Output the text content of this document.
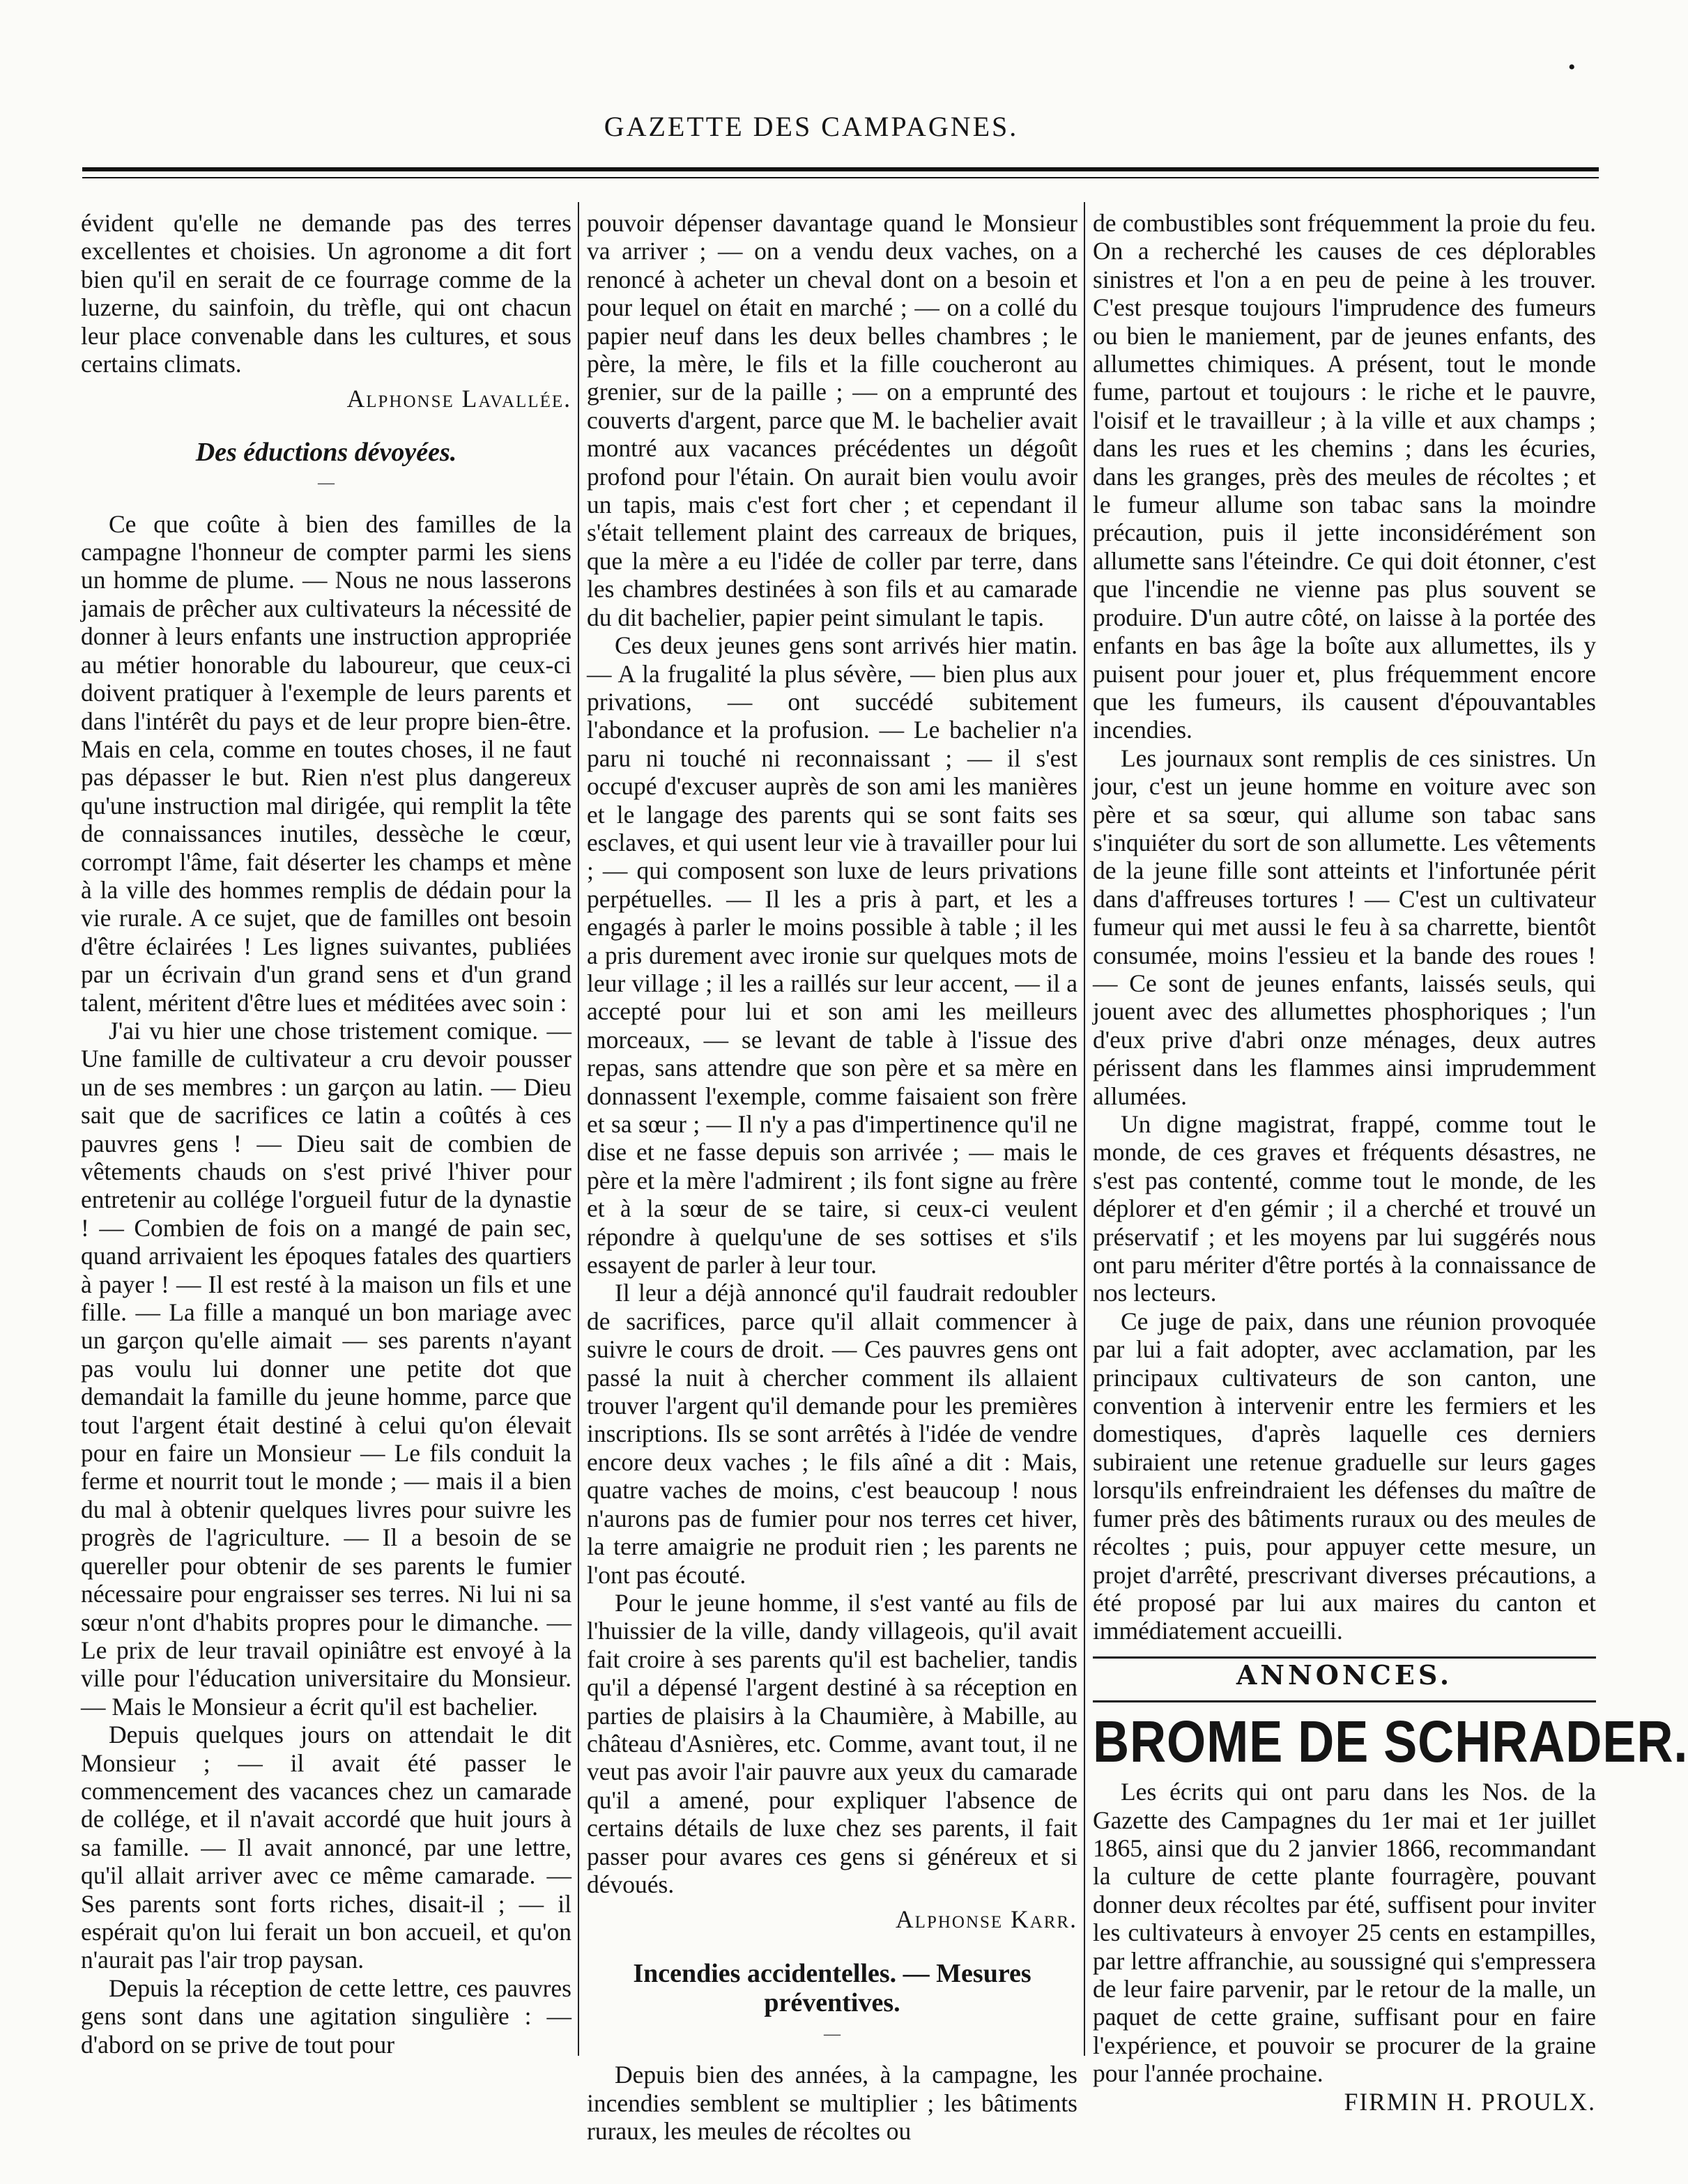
•
GAZETTE DES CAMPAGNES.

évident qu'elle ne demande pas des terres excellentes et choisies. Un agronome a dit fort bien qu'il en serait de ce fourrage comme de la luzerne, du sainfoin, du trèfle, qui ont chacun leur place convenable dans les cultures, et sous certains climats.

Alphonse Lavallée.
Des éductions dévoyées.
—

Ce que coûte à bien des familles de la campagne l'honneur de compter parmi les siens un homme de plume. — Nous ne nous lasserons jamais de prêcher aux cultivateurs la nécessité de donner à leurs enfants une instruction appropriée au métier honorable du laboureur, que ceux-ci doivent pratiquer à l'exemple de leurs parents et dans l'intérêt du pays et de leur propre bien-être. Mais en cela, comme en toutes choses, il ne faut pas dépasser le but. Rien n'est plus dangereux qu'une instruction mal dirigée, qui remplit la tête de connaissances inutiles, dessèche le cœur, corrompt l'âme, fait déserter les champs et mène à la ville des hommes remplis de dédain pour la vie rurale. A ce sujet, que de familles ont besoin d'être éclairées ! Les lignes suivantes, publiées par un écrivain d'un grand sens et d'un grand talent, méritent d'être lues et méditées avec soin :

J'ai vu hier une chose tristement comique. — Une famille de cultivateur a cru devoir pousser un de ses membres : un garçon au latin. — Dieu sait que de sacrifices ce latin a coûtés à ces pauvres gens ! — Dieu sait de combien de vêtements chauds on s'est privé l'hiver pour entretenir au collége l'orgueil futur de la dynastie ! — Combien de fois on a mangé de pain sec, quand arrivaient les époques fatales des quartiers à payer ! — Il est resté à la maison un fils et une fille. — La fille a manqué un bon mariage avec un garçon qu'elle aimait — ses parents n'ayant pas voulu lui donner une petite dot que demandait la famille du jeune homme, parce que tout l'argent était destiné à celui qu'on élevait pour en faire un Monsieur — Le fils conduit la ferme et nourrit tout le monde ; — mais il a bien du mal à obtenir quelques livres pour suivre les progrès de l'agriculture. — Il a besoin de se quereller pour obtenir de ses parents le fumier nécessaire pour engraisser ses terres. Ni lui ni sa sœur n'ont d'habits propres pour le dimanche. — Le prix de leur travail opiniâtre est envoyé à la ville pour l'éducation universitaire du Monsieur. — Mais le Monsieur a écrit qu'il est bachelier.

Depuis quelques jours on attendait le dit Monsieur ; — il avait été passer le commencement des vacances chez un camarade de collége, et il n'avait accordé que huit jours à sa famille. — Il avait annoncé, par une lettre, qu'il allait arriver avec ce même camarade. — Ses parents sont forts riches, disait-il ; — il espérait qu'on lui ferait un bon accueil, et qu'on n'aurait pas l'air trop paysan.

Depuis la réception de cette lettre, ces pauvres gens sont dans une agitation singulière : — d'abord on se prive de tout pour

pouvoir dépenser davantage quand le Monsieur va arriver ; — on a vendu deux vaches, on a renoncé à acheter un cheval dont on a besoin et pour lequel on était en marché ; — on a collé du papier neuf dans les deux belles chambres ; le père, la mère, le fils et la fille coucheront au grenier, sur de la paille ; — on a emprunté des couverts d'argent, parce que M. le bachelier avait montré aux vacances précédentes un dégoût profond pour l'étain. On aurait bien voulu avoir un tapis, mais c'est fort cher ; et cependant il s'était tellement plaint des carreaux de briques, que la mère a eu l'idée de coller par terre, dans les chambres destinées à son fils et au camarade du dit bachelier, papier peint simulant le tapis.

Ces deux jeunes gens sont arrivés hier matin. — A la frugalité la plus sévère, — bien plus aux privations, — ont succédé subitement l'abondance et la profusion. — Le bachelier n'a paru ni touché ni reconnaissant ; — il s'est occupé d'excuser auprès de son ami les manières et le langage des parents qui se sont faits ses esclaves, et qui usent leur vie à travailler pour lui ; — qui composent son luxe de leurs privations perpétuelles. — Il les a pris à part, et les a engagés à parler le moins possible à table ; il les a pris durement avec ironie sur quelques mots de leur village ; il les a raillés sur leur accent, — il a accepté pour lui et son ami les meilleurs morceaux, — se levant de table à l'issue des repas, sans attendre que son père et sa mère en donnassent l'exemple, comme faisaient son frère et sa sœur ; — Il n'y a pas d'impertinence qu'il ne dise et ne fasse depuis son arrivée ; — mais le père et la mère l'admirent ; ils font signe au frère et à la sœur de se taire, si ceux-ci veulent répondre à quelqu'une de ses sottises et s'ils essayent de parler à leur tour.

Il leur a déjà annoncé qu'il faudrait redoubler de sacrifices, parce qu'il allait commencer à suivre le cours de droit. — Ces pauvres gens ont passé la nuit à chercher comment ils allaient trouver l'argent qu'il demande pour les premières inscriptions. Ils se sont arrêtés à l'idée de vendre encore deux vaches ; le fils aîné a dit : Mais, quatre vaches de moins, c'est beaucoup ! nous n'aurons pas de fumier pour nos terres cet hiver, la terre amaigrie ne produit rien ; les parents ne l'ont pas écouté.

Pour le jeune homme, il s'est vanté au fils de l'huissier de la ville, dandy villageois, qu'il avait fait croire à ses parents qu'il est bachelier, tandis qu'il a dépensé l'argent destiné à sa réception en parties de plaisirs à la Chaumière, à Mabille, au château d'Asnières, etc. Comme, avant tout, il ne veut pas avoir l'air pauvre aux yeux du camarade qu'il a amené, pour expliquer l'absence de certains détails de luxe chez ses parents, il fait passer pour avares ces gens si généreux et si dévoués.

Alphonse Karr.
Incendies accidentelles. — Mesures préventives.
—

Depuis bien des années, à la campagne, les incendies semblent se multiplier ; les bâtiments ruraux, les meules de récoltes ou

de combustibles sont fréquemment la proie du feu. On a recherché les causes de ces déplorables sinistres et l'on a en peu de peine à les trouver. C'est presque toujours l'imprudence des fumeurs ou bien le maniement, par de jeunes enfants, des allumettes chimiques. A présent, tout le monde fume, partout et toujours : le riche et le pauvre, l'oisif et le travailleur ; à la ville et aux champs ; dans les rues et les chemins ; dans les écuries, dans les granges, près des meules de récoltes ; et le fumeur allume son tabac sans la moindre précaution, puis il jette inconsidérément son allumette sans l'éteindre. Ce qui doit étonner, c'est que l'incendie ne vienne pas plus souvent se produire. D'un autre côté, on laisse à la portée des enfants en bas âge la boîte aux allumettes, ils y puisent pour jouer et, plus fréquemment encore que les fumeurs, ils causent d'épouvantables incendies.

Les journaux sont remplis de ces sinistres. Un jour, c'est un jeune homme en voiture avec son père et sa sœur, qui allume son tabac sans s'inquiéter du sort de son allumette. Les vêtements de la jeune fille sont atteints et l'infortunée périt dans d'affreuses tortures ! — C'est un cultivateur fumeur qui met aussi le feu à sa charrette, bientôt consumée, moins l'essieu et la bande des roues ! — Ce sont de jeunes enfants, laissés seuls, qui jouent avec des allumettes phosphoriques ; l'un d'eux prive d'abri onze ménages, deux autres périssent dans les flammes ainsi imprudemment allumées.

Un digne magistrat, frappé, comme tout le monde, de ces graves et fréquents désastres, ne s'est pas contenté, comme tout le monde, de les déplorer et d'en gémir ; il a cherché et trouvé un préservatif ; et les moyens par lui suggérés nous ont paru mériter d'être portés à la connaissance de nos lecteurs.

Ce juge de paix, dans une réunion provoquée par lui a fait adopter, avec acclamation, par les principaux cultivateurs de son canton, une convention à intervenir entre les fermiers et les domestiques, d'après laquelle ces derniers subiraient une retenue graduelle sur leurs gages lorsqu'ils enfreindraient les défenses du maître de fumer près des bâtiments ruraux ou des meules de récoltes ; puis, pour appuyer cette mesure, un projet d'arrêté, prescrivant diverses précautions, a été proposé par lui aux maires du canton et immédiatement accueilli.

ANNONCES.
BROME DE SCHRADER.

Les écrits qui ont paru dans les Nos. de la Gazette des Campagnes du 1er mai et 1er juillet 1865, ainsi que du 2 janvier 1866, recommandant la culture de cette plante fourragère, pouvant donner deux récoltes par été, suffisent pour inviter les cultivateurs à envoyer 25 cents en estampilles, par lettre affranchie, au soussigné qui s'empressera de leur faire parvenir, par le retour de la malle, un paquet de cette graine, suffisant pour en faire l'expérience, et pouvoir se procurer de la graine pour l'année prochaine.

FIRMIN H. PROULX.
